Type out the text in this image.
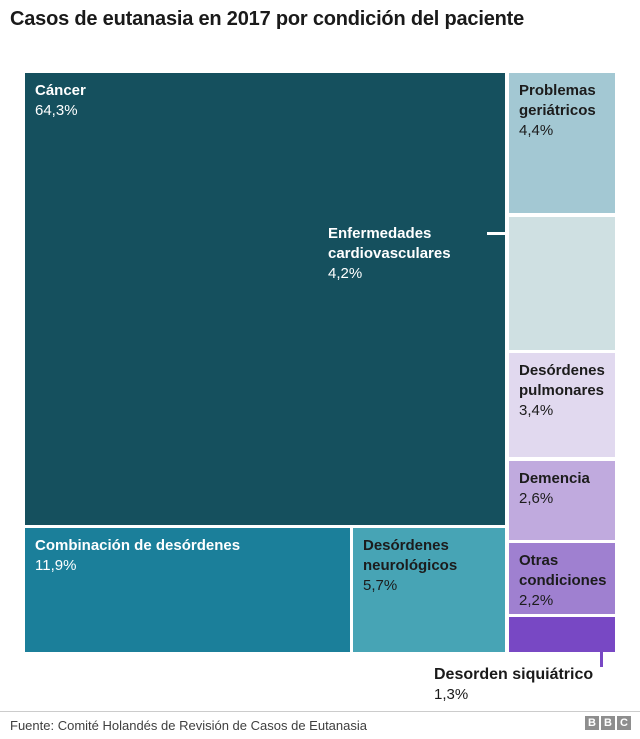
Casos de eutanasia en 2017 por condición del paciente
Cáncer
64,3%
Combinación de desórdenes
11,9%
Desórdenes neurológicos
5,7%
Problemas geriátricos
4,4%
Desórdenes pulmonares
3,4%
Demencia
2,6%
Otras condiciones
2,2%
Enfermedades cardiovasculares
4,2%
Desorden siquiátrico
1,3%
Fuente: Comité Holandés de Revisión de Casos de Eutanasia	B B C
